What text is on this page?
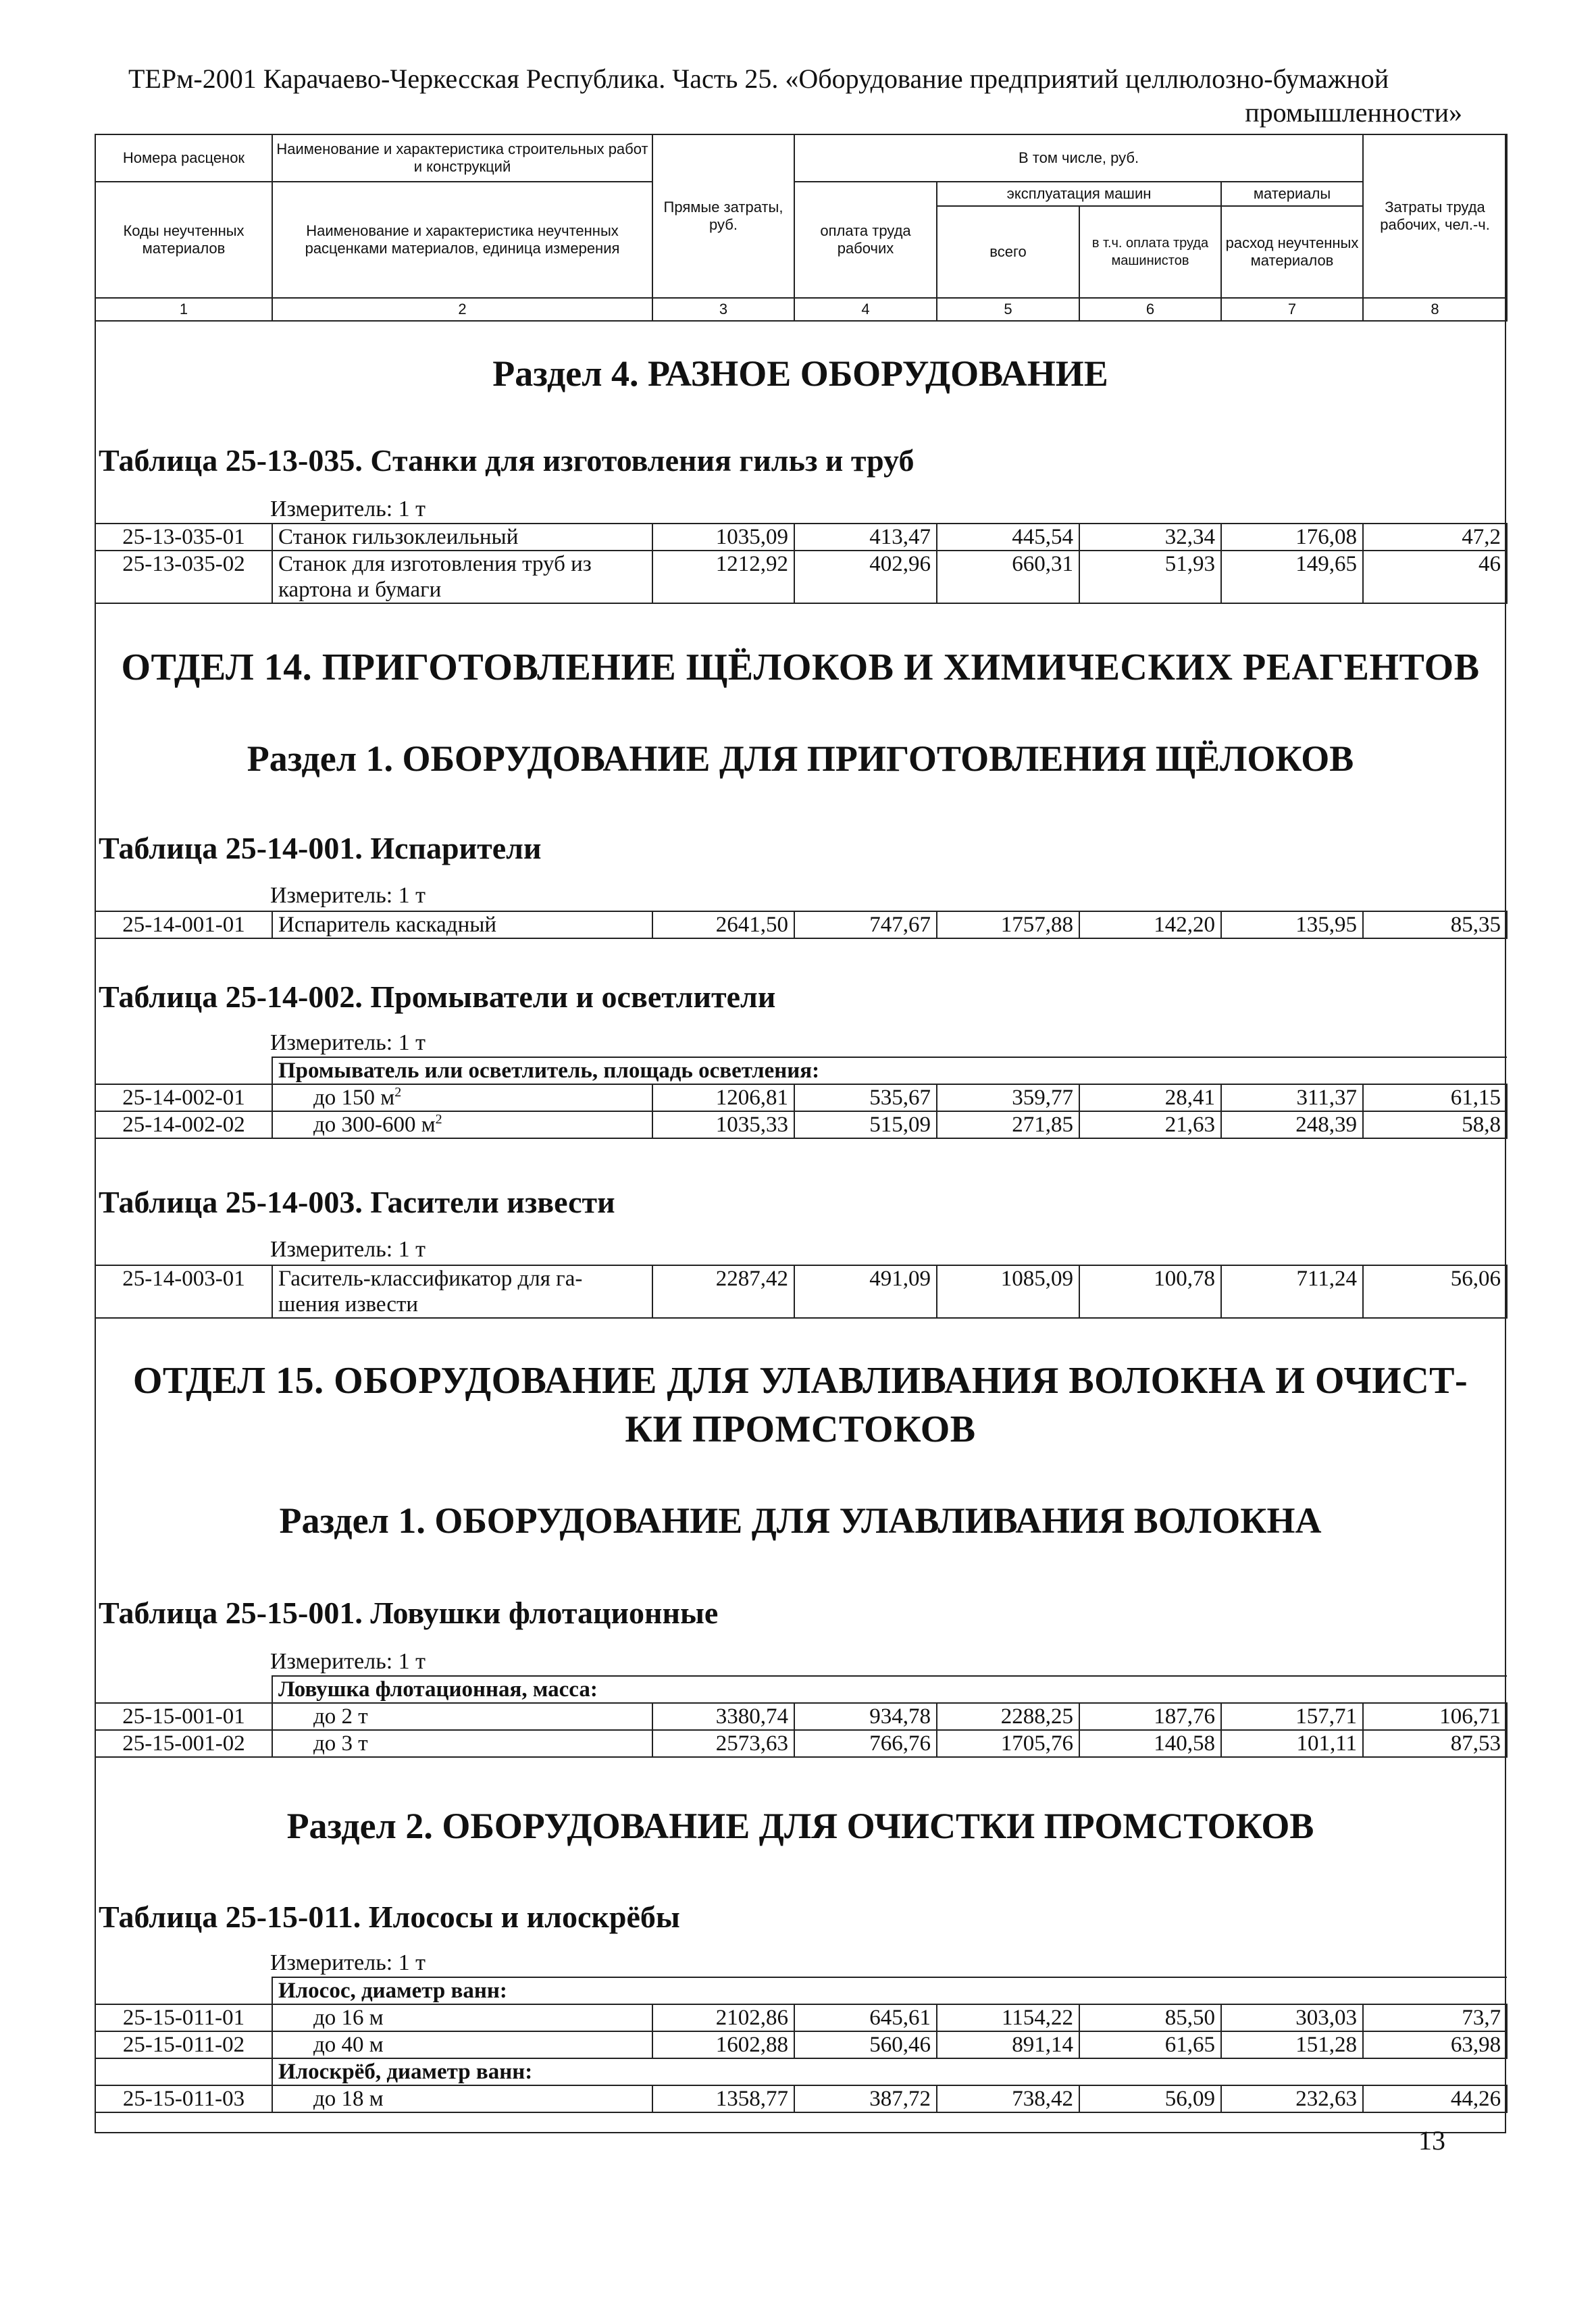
ТЕРм-2001 Карачаево-Черкесская Республика. Часть 25. «Оборудование предприятий целлюлозно-бумажной
промышленности»
Номера расценок	Наименование и характеристика строительных работ и конструкций	Прямые затраты, руб.	В том числе, руб.				Затраты труда рабочих, чел.-ч.
Коды неучтенных материалов	Наименование и характеристика неучтенных расценками материалов, единица измерения		оплата труда рабочих	эксплуатация машин		материалы	
				всего	в т.ч. оплата труда машинистов	расход неучтенных материалов	
1	2	3	4	5	6	7	8
Раздел 4. РАЗНОЕ ОБОРУДОВАНИЕ
Таблица 25-13-035. Станки для изготовления гильз и труб
Измеритель: 1 т
25-13-035-01	Станок гильзоклеильный	1035,09	413,47	445,54	32,34	176,08	47,2
25-13-035-02	Станок для изготовления труб из
картона и бумаги	1212,92	402,96	660,31	51,93	149,65	46
ОТДЕЛ 14. ПРИГОТОВЛЕНИЕ ЩЁЛОКОВ И ХИМИЧЕСКИХ РЕАГЕНТОВ
Раздел 1. ОБОРУДОВАНИЕ ДЛЯ ПРИГОТОВЛЕНИЯ ЩЁЛОКОВ
Таблица 25-14-001. Испарители
Измеритель: 1 т
25-14-001-01	Испаритель каскадный	2641,50	747,67	1757,88	142,20	135,95	85,35
Таблица 25-14-002. Промыватели и осветлители
Измеритель: 1 т
	Промыватель или осветлитель, площадь осветления:						
25-14-002-01	до 150 $м^2$	1206,81	535,67	359,77	28,41	311,37	61,15
25-14-002-02	до 300-600 $м^2$	1035,33	515,09	271,85	21,63	248,39	58,8
Таблица 25-14-003. Гасители извести
Измеритель: 1 т
25-14-003-01	Гаситель-классификатор для га-
шения извести	2287,42	491,09	1085,09	100,78	711,24	56,06
ОТДЕЛ 15. ОБОРУДОВАНИЕ ДЛЯ УЛАВЛИВАНИЯ ВОЛОКНА И ОЧИСТ-
КИ ПРОМСТОКОВ
Раздел 1. ОБОРУДОВАНИЕ ДЛЯ УЛАВЛИВАНИЯ ВОЛОКНА
Таблица 25-15-001. Ловушки флотационные
Измеритель: 1 т
	Ловушка флотационная, масса:						
25-15-001-01	до 2 т	3380,74	934,78	2288,25	187,76	157,71	106,71
25-15-001-02	до 3 т	2573,63	766,76	1705,76	140,58	101,11	87,53
Раздел 2. ОБОРУДОВАНИЕ ДЛЯ ОЧИСТКИ ПРОМСТОКОВ
Таблица 25-15-011. Илососы и илоскрёбы
Измеритель: 1 т
	Илосос, диаметр ванн:						
25-15-011-01	до 16 м	2102,86	645,61	1154,22	85,50	303,03	73,7
25-15-011-02	до 40 м	1602,88	560,46	891,14	61,65	151,28	63,98
	Илоскрёб, диаметр ванн:						
25-15-011-03	до 18 м	1358,77	387,72	738,42	56,09	232,63	44,26
13
